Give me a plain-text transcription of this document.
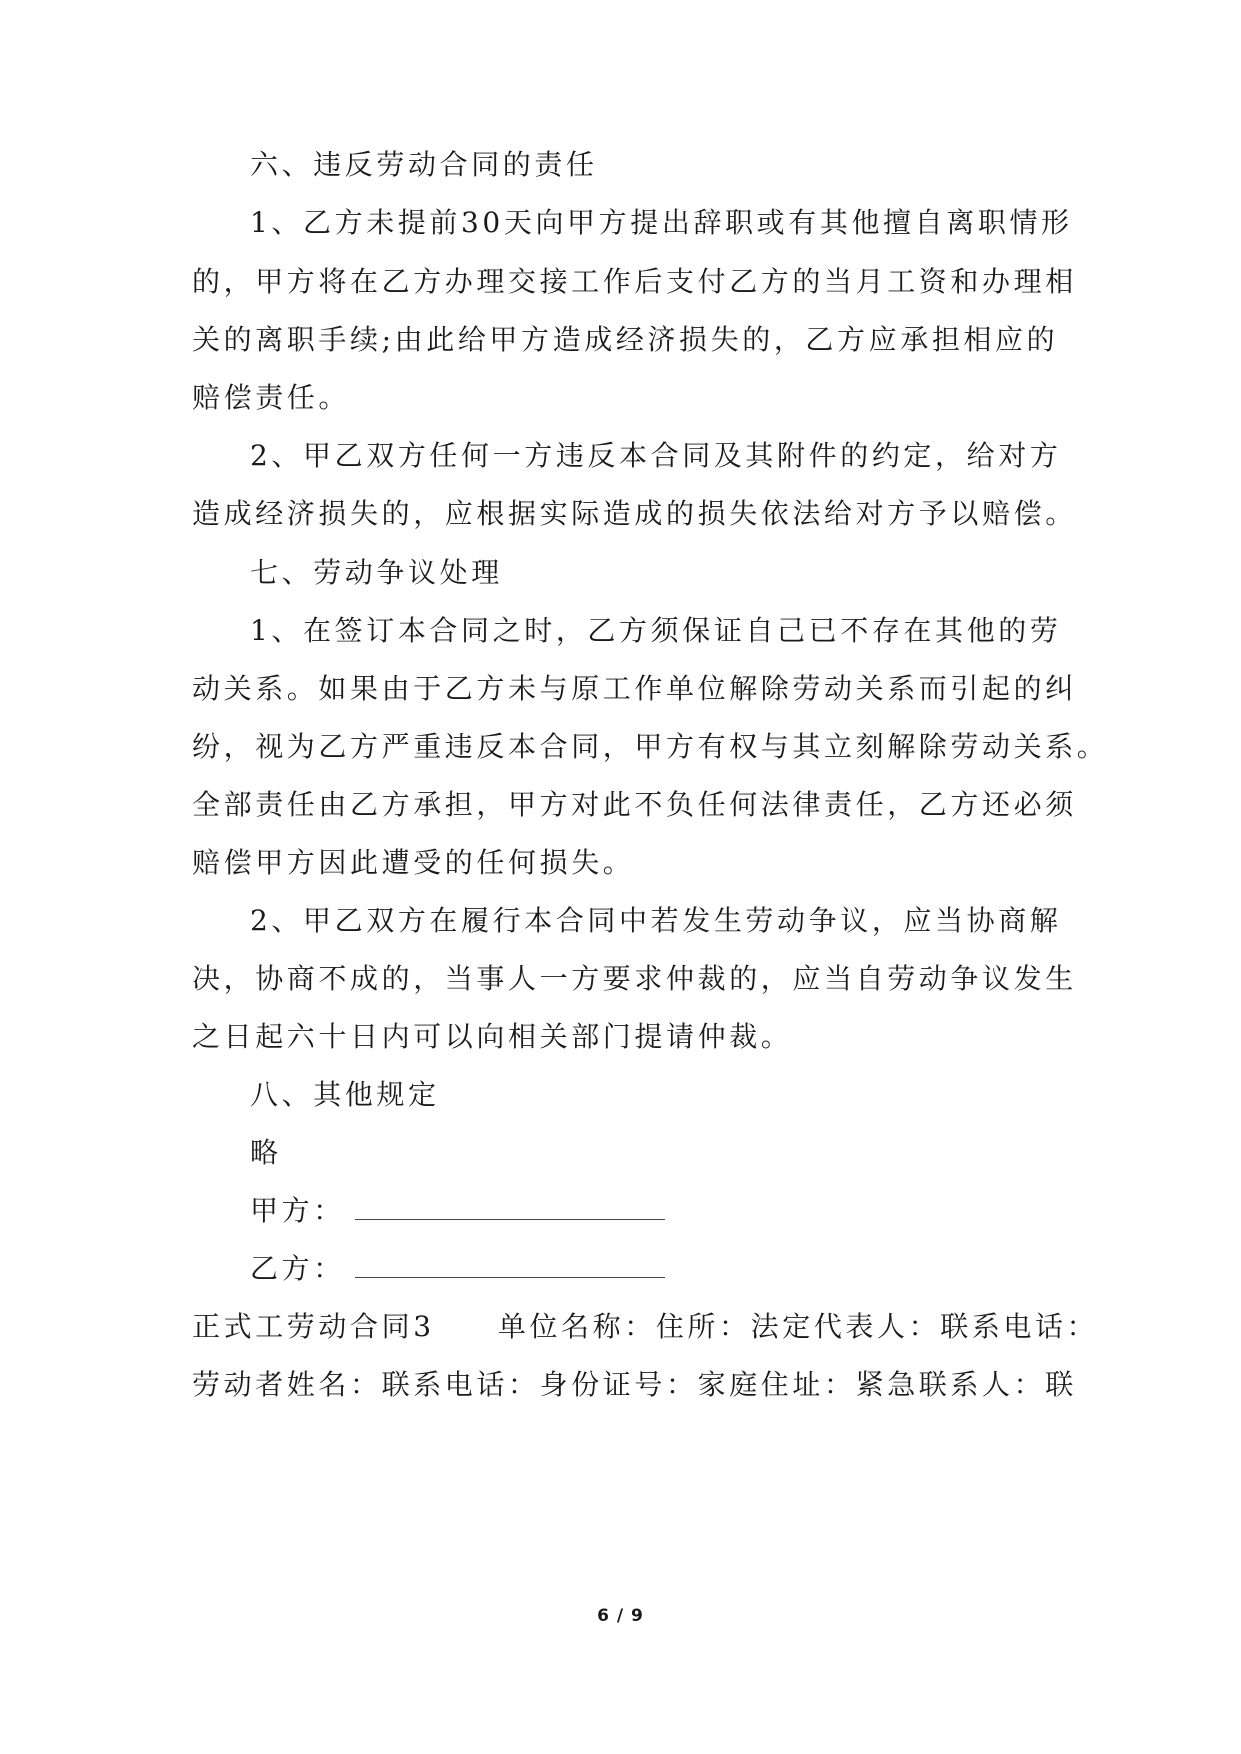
六、违反劳动合同的责任
1、乙方未提前30天向甲方提出辞职或有其他擅自离职情形
的，甲方将在乙方办理交接工作后支付乙方的当月工资和办理相
关的离职手续;由此给甲方造成经济损失的，乙方应承担相应的
赔偿责任。
2、甲乙双方任何一方违反本合同及其附件的约定，给对方
造成经济损失的，应根据实际造成的损失依法给对方予以赔偿。
七、劳动争议处理
1、在签订本合同之时，乙方须保证自己已不存在其他的劳
动关系。如果由于乙方未与原工作单位解除劳动关系而引起的纠
纷，视为乙方严重违反本合同，甲方有权与其立刻解除劳动关系。
全部责任由乙方承担，甲方对此不负任何法律责任，乙方还必须
赔偿甲方因此遭受的任何损失。
2、甲乙双方在履行本合同中若发生劳动争议，应当协商解
决，协商不成的，当事人一方要求仲裁的，应当自劳动争议发生
之日起六十日内可以向相关部门提请仲裁。
八、其他规定
略
甲方：
乙方：
正式工劳动合同3　　单位名称：住所：法定代表人：联系电话：
劳动者姓名：联系电话：身份证号：家庭住址：紧急联系人：联
6 / 9
